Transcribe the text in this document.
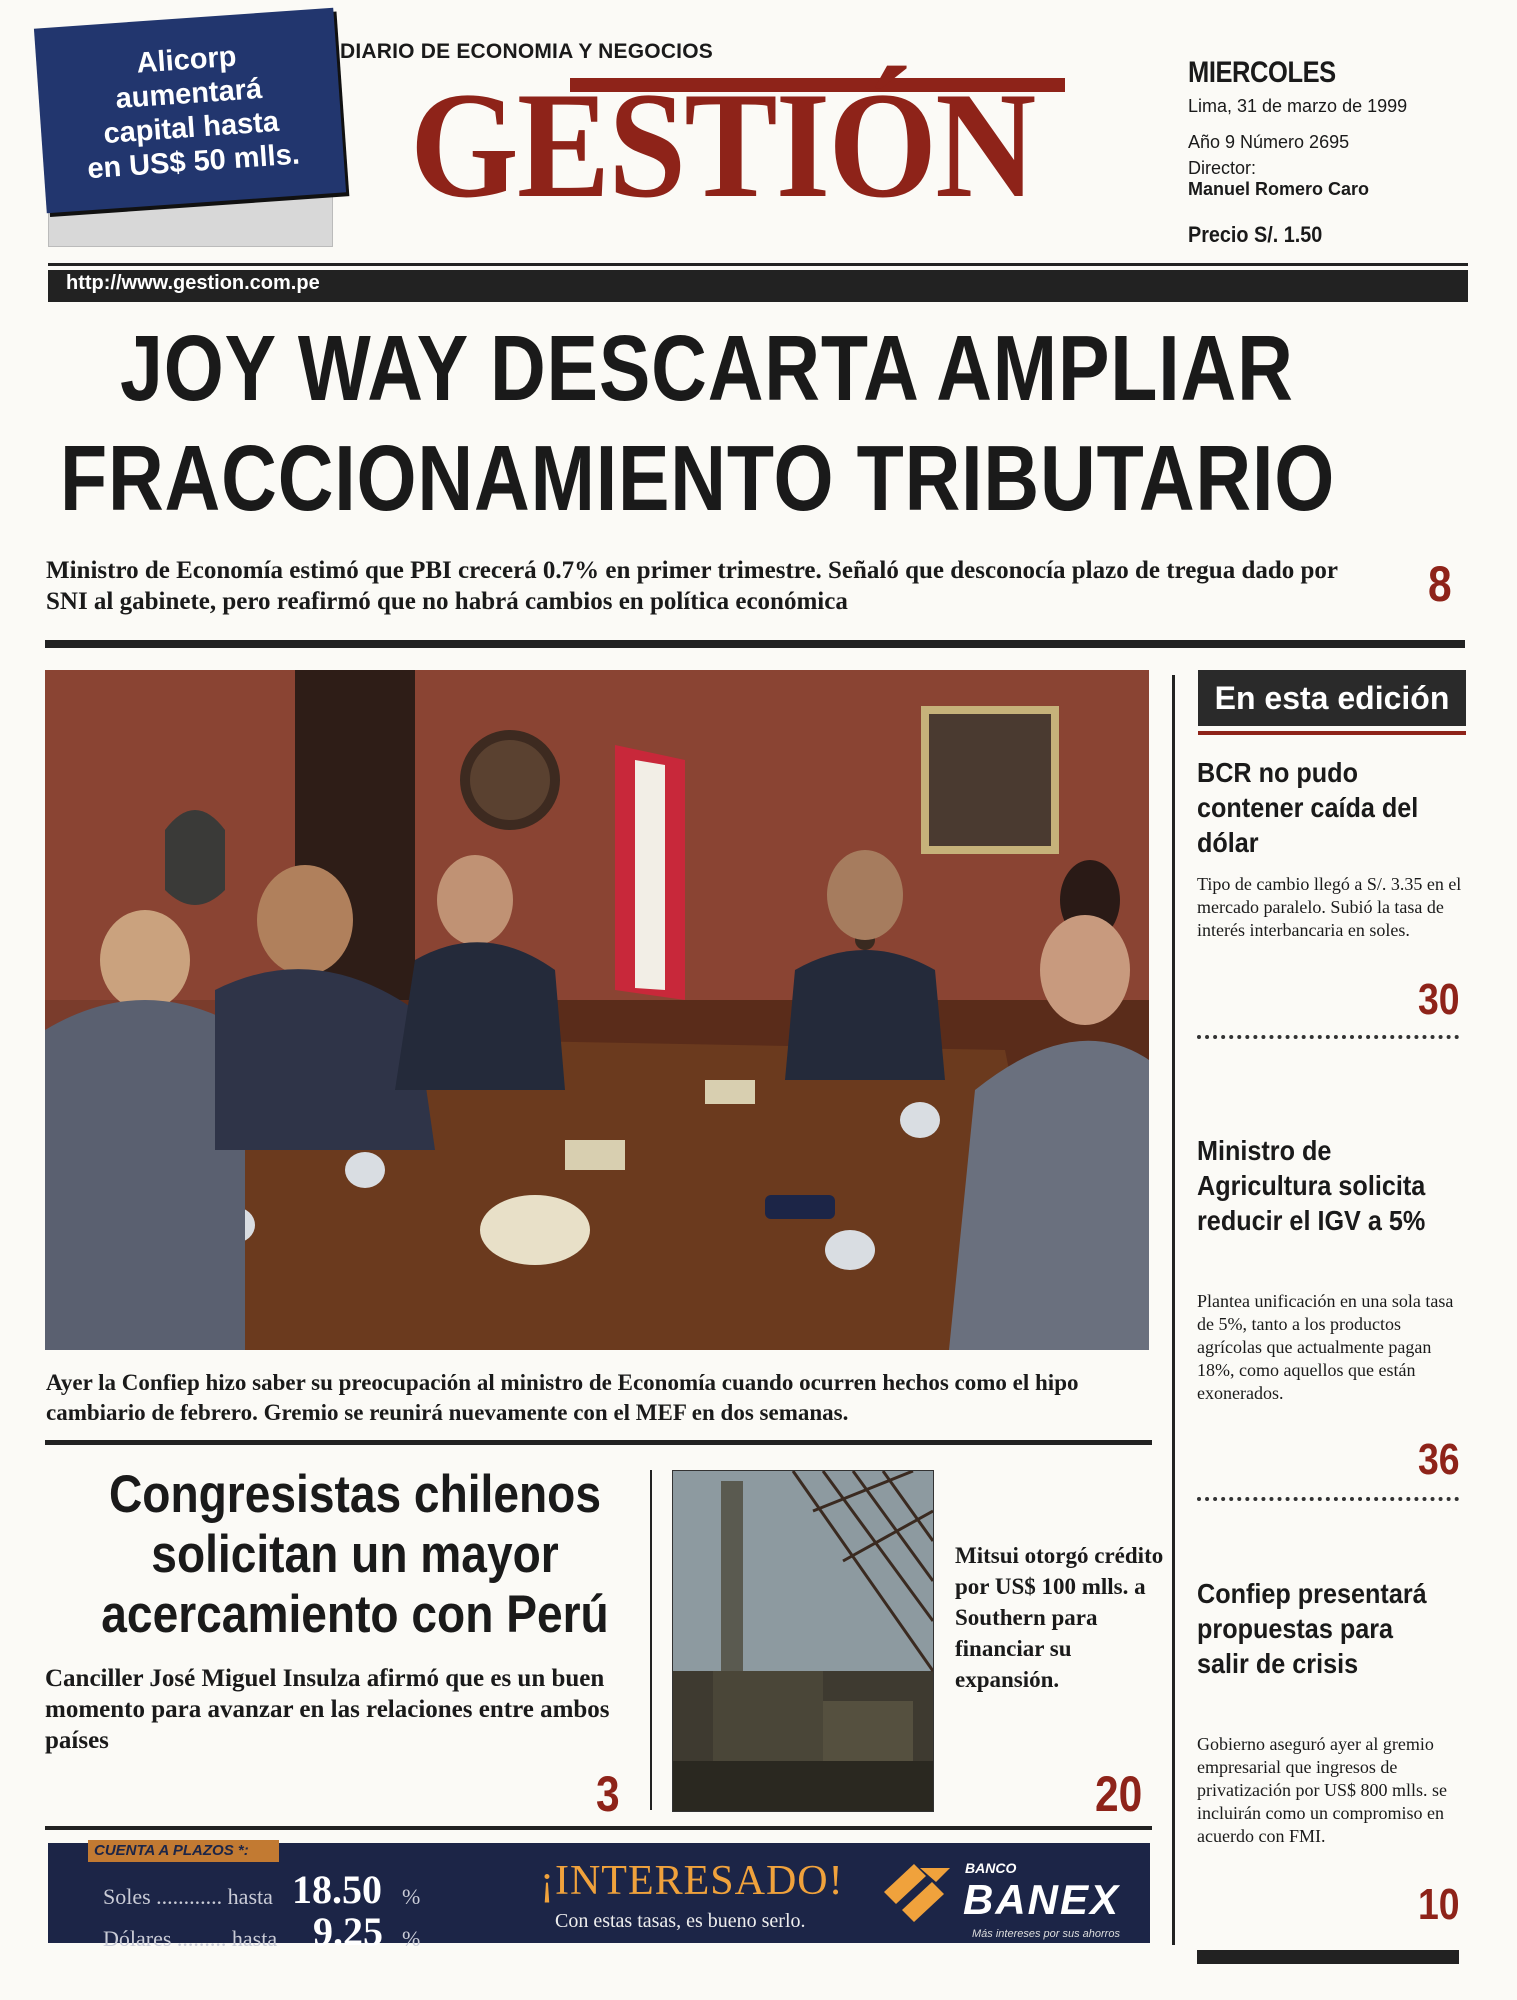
Alicorp
aumentará
capital hasta
en US$ 50 mlls.
DIARIO DE ECONOMIA Y NEGOCIOS
GESTIÓN	MIERCOLES
Lima, 31 de marzo de 1999
Año 9 Número 2695
Director:
Manuel Romero Caro
Precio S/. 1.50
http://www.gestion.com.pe
JOY WAY DESCARTA AMPLIAR
FRACCIONAMIENTO TRIBUTARIO
Ministro de Economía estimó que PBI crecerá 0.7% en primer trimestre. Señaló que desconocía plazo de tregua dado por SNI al gabinete, pero reafirmó que no habrá cambios en política económica	8
Ayer la Confiep hizo saber su preocupación al ministro de Economía cuando ocurren hechos como el hipo cambiario de febrero. Gremio se reunirá nuevamente con el MEF en dos semanas.
En esta edición
BCR no pudo contener caída del dólar
Tipo de cambio llegó a S/. 3.35 en el mercado paralelo. Subió la tasa de interés interbancaria en soles.
30
Ministro de Agricultura solicita reducir el IGV a 5%
Plantea unificación en una sola tasa de 5%, tanto a los productos agrícolas que actualmente pagan 18%, como aquellos que están exonerados.
36
Confiep presentará propuestas para salir de crisis
Gobierno aseguró ayer al gremio empresarial que ingresos de privatización por US$ 800 mlls. se incluirán como un compromiso en acuerdo con FMI.
10
Congresistas chilenos solicitan un mayor acercamiento con Perú
Canciller José Miguel Insulza afirmó que es un buen momento para avanzar en las relaciones entre ambos países
3
Mitsui otorgó crédito por US$ 100 mlls. a Southern para financiar su expansión.
20
CUENTA A PLAZOS *:
Soles ............ hasta 18.50 %
Dólares ......... hasta 9.25 %
¡INTERESADO!
Con estas tasas, es bueno serlo.
BANCO
BANEX
Más intereses por sus ahorros
